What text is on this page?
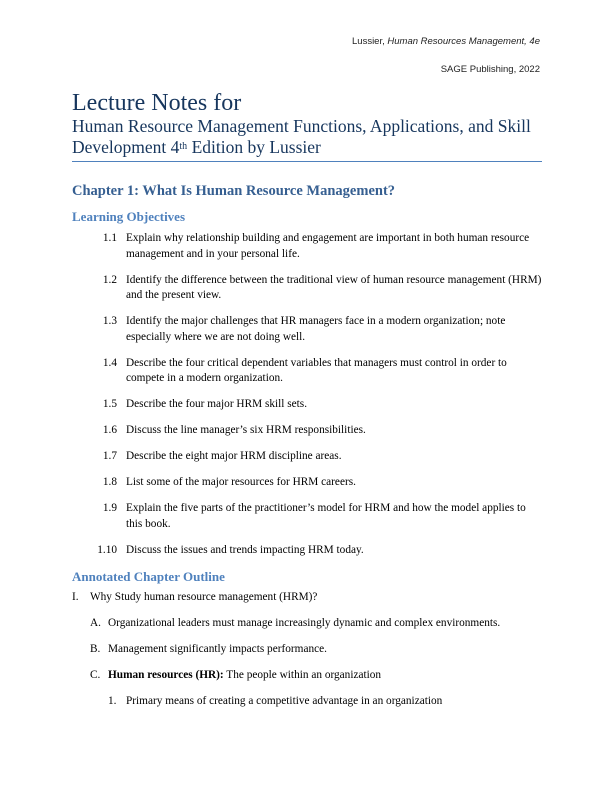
Lussier, Human Resources Management, 4e
SAGE Publishing, 2022
Lecture Notes for
Human Resource Management Functions, Applications, and Skill
Development 4th Edition by Lussier
Chapter 1: What Is Human Resource Management?
Learning Objectives
1.1 Explain why relationship building and engagement are important in both human resource management and in your personal life.
1.2 Identify the difference between the traditional view of human resource management (HRM) and the present view.
1.3 Identify the major challenges that HR managers face in a modern organization; note especially where we are not doing well.
1.4 Describe the four critical dependent variables that managers must control in order to compete in a modern organization.
1.5 Describe the four major HRM skill sets.
1.6 Discuss the line manager’s six HRM responsibilities.
1.7 Describe the eight major HRM discipline areas.
1.8 List some of the major resources for HRM careers.
1.9 Explain the five parts of the practitioner’s model for HRM and how the model applies to this book.
1.10 Discuss the issues and trends impacting HRM today.
Annotated Chapter Outline
I. Why Study human resource management (HRM)?
A. Organizational leaders must manage increasingly dynamic and complex environments.
B. Management significantly impacts performance.
C. Human resources (HR): The people within an organization
1. Primary means of creating a competitive advantage in an organization
